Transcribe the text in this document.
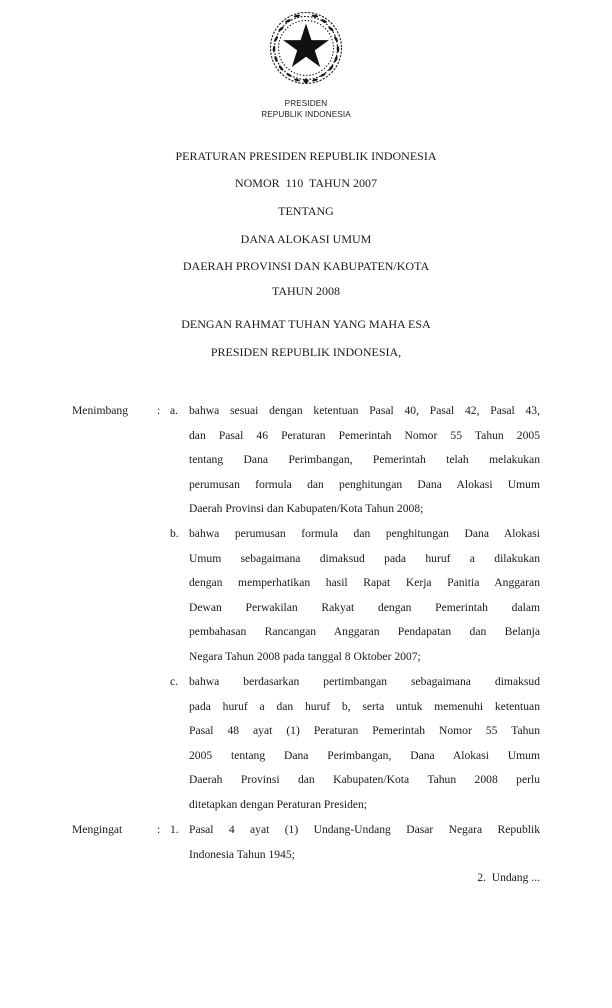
PRESIDEN
REPUBLIK INDONESIA
PERATURAN PRESIDEN REPUBLIK INDONESIA
NOMOR  110  TAHUN 2007
TENTANG
DANA ALOKASI UMUM
DAERAH PROVINSI DAN KABUPATEN/KOTA
TAHUN 2008
DENGAN RAHMAT TUHAN YANG MAHA ESA
PRESIDEN REPUBLIK INDONESIA,
Menimbang : a. bahwa sesuai dengan ketentuan Pasal 40, Pasal 42, Pasal 43,
dan Pasal 46 Peraturan Pemerintah Nomor 55 Tahun 2005
tentang Dana Perimbangan, Pemerintah telah melakukan
perumusan formula dan penghitungan Dana Alokasi Umum
Daerah Provinsi dan Kabupaten/Kota Tahun 2008;
b. bahwa perumusan formula dan penghitungan Dana Alokasi
Umum sebagaimana dimaksud pada huruf a dilakukan
dengan memperhatikan hasil Rapat Kerja Panitia Anggaran
Dewan Perwakilan Rakyat dengan Pemerintah dalam
pembahasan Rancangan Anggaran Pendapatan dan Belanja
Negara Tahun 2008 pada tanggal 8 Oktober 2007;
c. bahwa berdasarkan pertimbangan sebagaimana dimaksud
pada huruf a dan huruf b, serta untuk memenuhi ketentuan
Pasal 48 ayat (1) Peraturan Pemerintah Nomor 55 Tahun
2005 tentang Dana Perimbangan, Dana Alokasi Umum
Daerah Provinsi dan Kabupaten/Kota Tahun 2008 perlu
ditetapkan dengan Peraturan Presiden;
Mengingat	: 1. Pasal 4 ayat (1) Undang-Undang Dasar Negara Republik
Indonesia Tahun 1945;
2.  Undang ...
